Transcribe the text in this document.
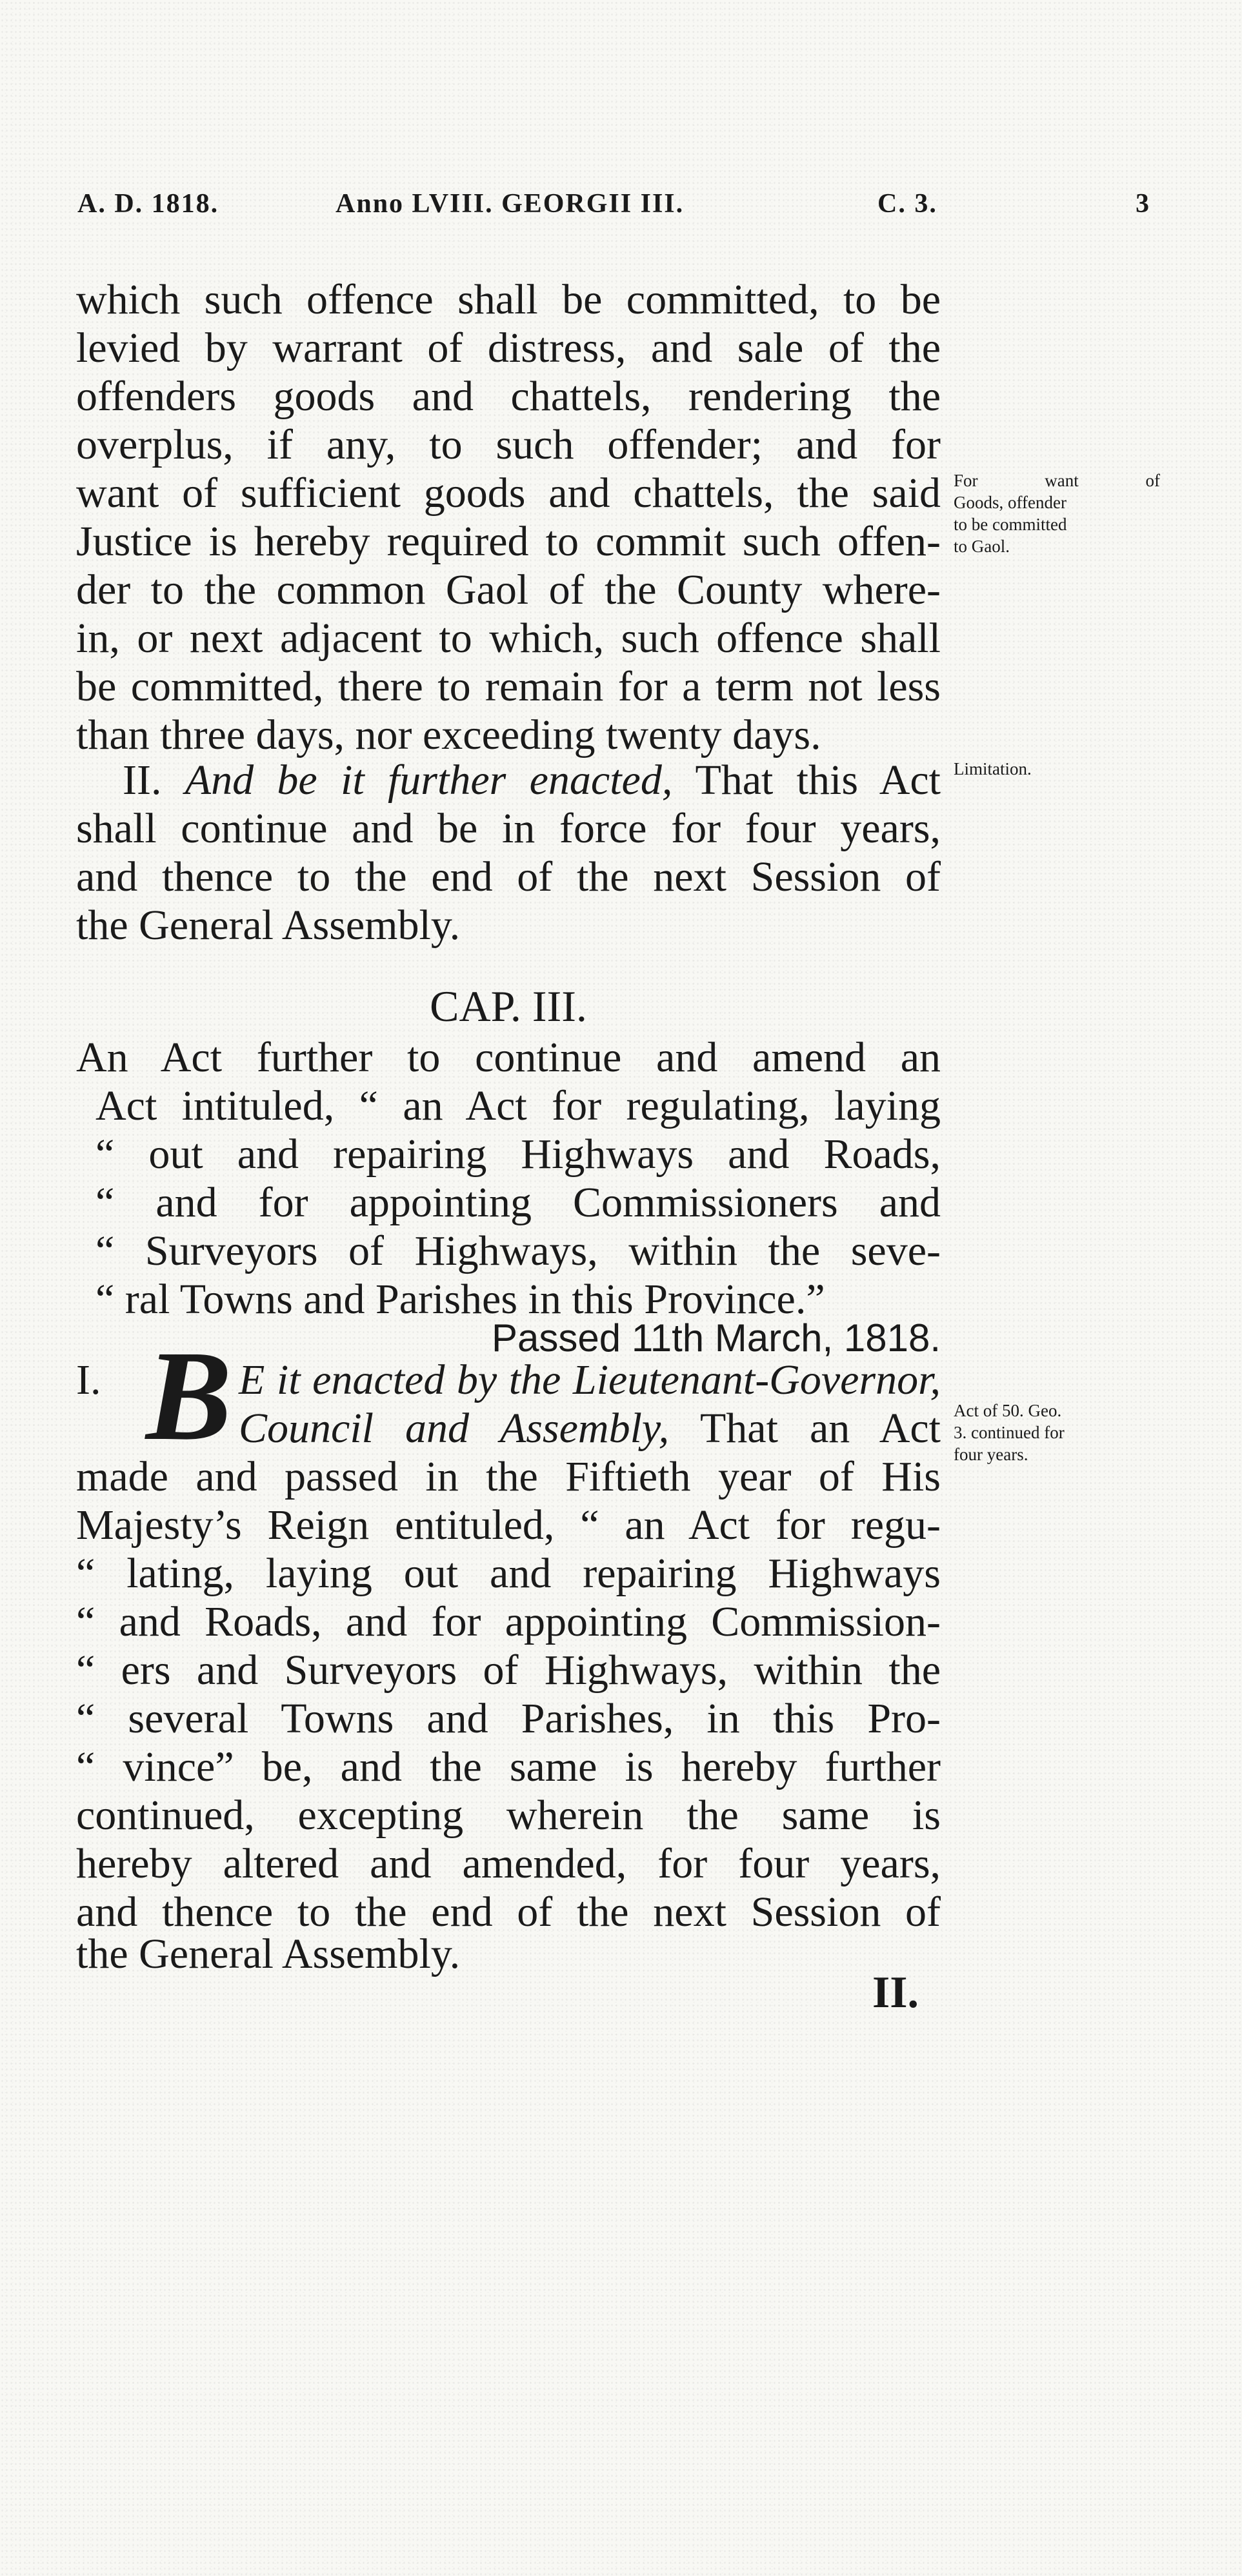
A. D. 1818.	Anno LVIII. GEORGII III.	C. 3.	3
which such offence shall be committed, to be
levied by warrant of distress, and sale of the
offenders goods and chattels, rendering the
overplus, if any, to such offender; and for
want of sufficient goods and chattels, the said
Justice is hereby required to commit such offen-
der to the common Gaol of the County where-
in, or next adjacent to which, such offence shall
be committed, there to remain for a term not less
than three days, nor exceeding twenty days.
II. And be it further enacted, That this Act
shall continue and be in force for four years,
and thence to the end of the next Session of
the General Assembly.
CAP. III.
An Act further to continue and amend an
Act intituled, “ an Act for regulating, laying
“ out and repairing Highways and Roads,
“ and for appointing Commissioners and
“ Surveyors of Highways, within the seve-
“ ral Towns and Parishes in this Province.”
Passed 11th March, 1818.
B
I.	E it enacted by the Lieutenant-Governor,
Council and Assembly, That an Act
made and passed in the Fiftieth year of His
Majesty’s Reign entituled, “ an Act for regu-
“ lating, laying out and repairing Highways
“ and Roads, and for appointing Commission-
“ ers and Surveyors of Highways, within the
“ several Towns and Parishes, in this Pro-
“ vince” be, and the same is hereby further
continued, excepting wherein the same is
hereby altered and amended, for four years,
and thence to the end of the next Session of
the General Assembly.
II.
For want of
Goods, offender
to be committed
to Gaol.
Limitation.
Act of 50. Geo.
3. continued for
four years.
